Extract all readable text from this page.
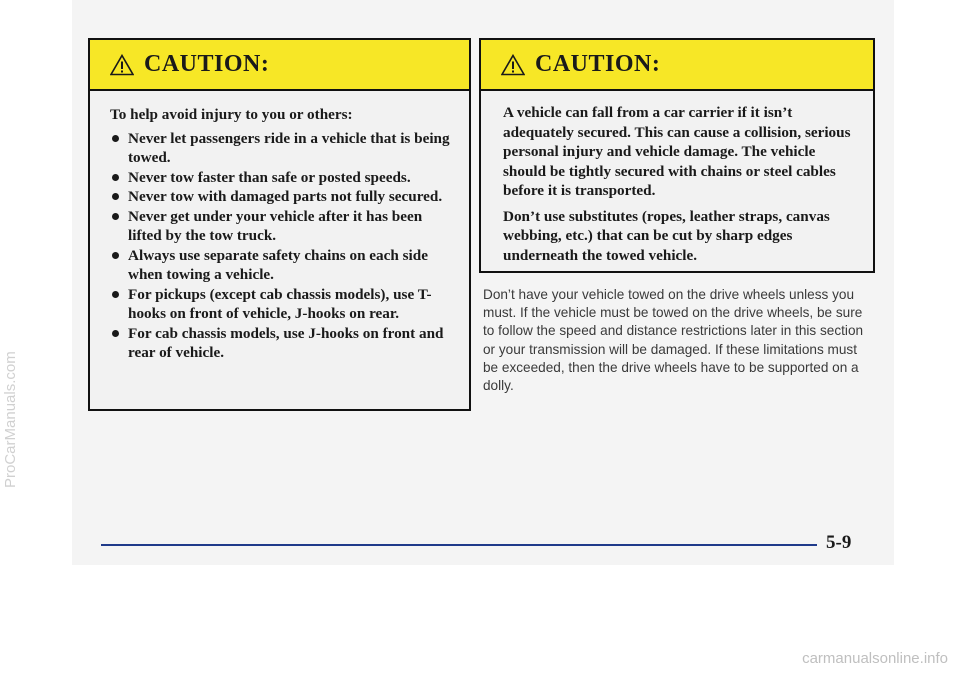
CAUTION:
To help avoid injury to you or others:
Never let passengers ride in a vehicle that is being towed.
Never tow faster than safe or posted speeds.
Never tow with damaged parts not fully secured.
Never get under your vehicle after it has been lifted by the tow truck.
Always use separate safety chains on each side when towing a vehicle.
For pickups (except cab chassis models), use T-hooks on front of vehicle, J-hooks on rear.
For cab chassis models, use J-hooks on front and rear of vehicle.
CAUTION:

A vehicle can fall from a car carrier if it isn’t adequately secured. This can cause a collision, serious personal injury and vehicle damage. The vehicle should be tightly secured with chains or steel cables before it is transported.

Don’t use substitutes (ropes, leather straps, canvas webbing, etc.) that can be cut by sharp edges underneath the towed vehicle.

Don’t have your vehicle towed on the drive wheels unless you must. If the vehicle must be towed on the drive wheels, be sure to follow the speed and distance restrictions later in this section or your transmission will be damaged. If these limitations must be exceeded, then the drive wheels have to be supported on a dolly.

5-9
ProCarManuals.com
carmanualsonline.info
